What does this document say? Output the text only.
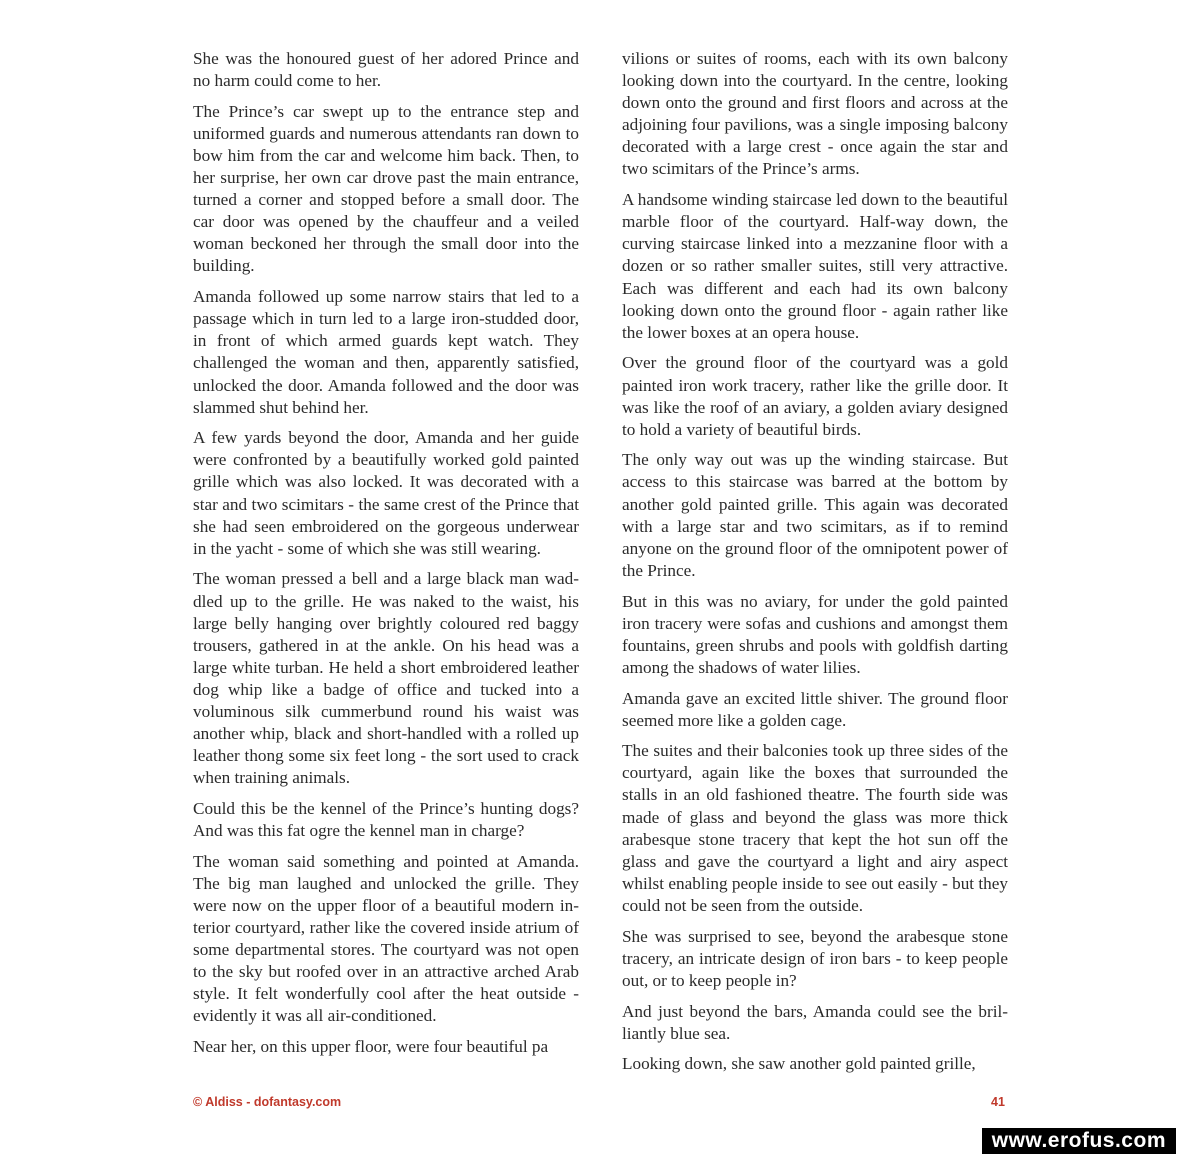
She was the honoured guest of her adored Prince and no harm could come to her.

The Prince’s car swept up to the entrance step and uniformed guards and numerous attendants ran down to bow him from the car and welcome him back. Then, to her surprise, her own car drove past the main entrance, turned a corner and stopped before a small door. The car door was opened by the chauffeur and a veiled woman beckoned her through the small door into the building.

Amanda followed up some narrow stairs that led to a passage which in turn led to a large iron-studded door, in front of which armed guards kept watch. They challenged the woman and then, apparently satisfied, unlocked the door. Amanda followed and the door was slammed shut behind her.

A few yards beyond the door, Amanda and her guide were confronted by a beautifully worked gold painted grille which was also locked. It was decorated with a star and two scimitars - the same crest of the Prince that she had seen embroidered on the gorgeous underwear in the yacht - some of which she was still wearing.

The woman pressed a bell and a large black man waddled up to the grille. He was naked to the waist, his large belly hanging over brightly coloured red baggy trousers, gathered in at the ankle. On his head was a large white turban. He held a short embroidered leather dog whip like a badge of office and tucked into a voluminous silk cummerbund round his waist was another whip, black and short-handled with a rolled up leather thong some six feet long - the sort used to crack when training animals.

Could this be the kennel of the Prince’s hunting dogs? And was this fat ogre the kennel man in charge?

The woman said something and pointed at Amanda. The big man laughed and unlocked the grille. They were now on the upper floor of a beautiful modern interior courtyard, rather like the covered inside atrium of some departmental stores. The courtyard was not open to the sky but roofed over in an attractive arched Arab style. It felt wonderfully cool after the heat outside - evidently it was all air-conditioned.

Near her, on this upper floor, were four beautiful pa

vilions or suites of rooms, each with its own balcony looking down into the courtyard. In the centre, looking down onto the ground and first floors and across at the adjoining four pavilions, was a single imposing balcony decorated with a large crest - once again the star and two scimitars of the Prince’s arms.

A handsome winding staircase led down to the beautiful marble floor of the courtyard. Half-way down, the curving staircase linked into a mezzanine floor with a dozen or so rather smaller suites, still very attractive. Each was different and each had its own balcony looking down onto the ground floor - again rather like the lower boxes at an opera house.

Over the ground floor of the courtyard was a gold painted iron work tracery, rather like the grille door. It was like the roof of an aviary, a golden aviary designed to hold a variety of beautiful birds.

The only way out was up the winding staircase. But access to this staircase was barred at the bottom by another gold painted grille. This again was decorated with a large star and two scimitars, as if to remind anyone on the ground floor of the omnipotent power of the Prince.

But in this was no aviary, for under the gold painted iron tracery were sofas and cushions and amongst them fountains, green shrubs and pools with goldfish darting among the shadows of water lilies.

Amanda gave an excited little shiver. The ground floor seemed more like a golden cage.

The suites and their balconies took up three sides of the courtyard, again like the boxes that surrounded the stalls in an old fashioned theatre. The fourth side was made of glass and beyond the glass was more thick arabesque stone tracery that kept the hot sun off the glass and gave the courtyard a light and airy aspect whilst enabling people inside to see out easily - but they could not be seen from the outside.

She was surprised to see, beyond the arabesque stone tracery, an intricate design of iron bars - to keep people out, or to keep people in?

And just beyond the bars, Amanda could see the brilliantly blue sea.

Looking down, she saw another gold painted grille,

© Aldiss - dofantasy.com	41
www.erofus.com
